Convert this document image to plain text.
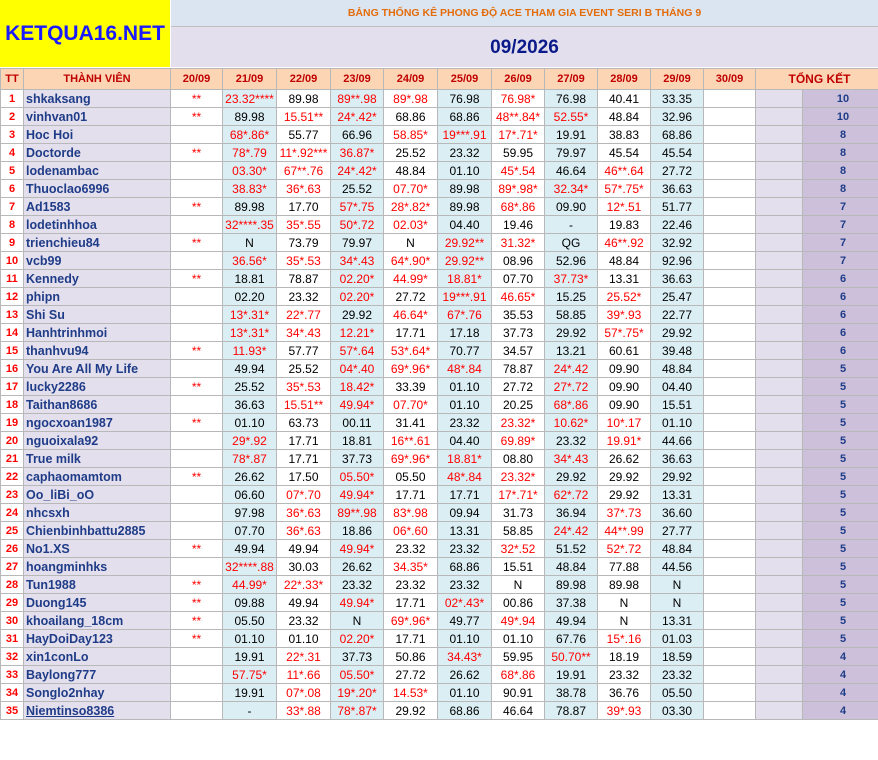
KETQUA16.NET
BẢNG THỐNG KÊ PHONG ĐỘ ACE THAM GIA EVENT SERI B THÁNG 9
09/2026
TT	THÀNH VIÊN	20/09	21/09	22/09	23/09	24/09	25/09	26/09	27/09	28/09	29/09	30/09	TỔNG KẾT	
1	shkaksang	**	23.32****	89.98	89**.98	89*.98	76.98	76.98*	76.98	40.41	33.35			10
2	vinhvan01	**	89.98	15.51**	24*.42*	68.86	68.86	48**.84*	52.55*	48.84	32.96			10
3	Hoc Hoi		68*.86*	55.77	66.96	58.85*	19***.91	17*.71*	19.91	38.83	68.86			8
4	Doctorde	**	78*.79	11*.92***	36.87*	25.52	23.32	59.95	79.97	45.54	45.54			8
5	lodenambac		03.30*	67**.76	24*.42*	48.84	01.10	45*.54	46.64	46**.64	27.72			8
6	Thuoclao6996		38.83*	36*.63	25.52	07.70*	89.98	89*.98*	32.34*	57*.75*	36.63			8
7	Ad1583	**	89.98	17.70	57*.75	28*.82*	89.98	68*.86	09.90	12*.51	51.77			7
8	lodetinhhoa		32****.35	35*.55	50*.72	02.03*	04.40	19.46	-	19.83	22.46			7
9	trienchieu84	**	N	73.79	79.97	N	29.92**	31.32*	QG	46**.92	32.92			7
10	vcb99		36.56*	35*.53	34*.43	64*.90*	29.92**	08.96	52.96	48.84	92.96			7
11	Kennedy	**	18.81	78.87	02.20*	44.99*	18.81*	07.70	37.73*	13.31	36.63			6
12	phipn		02.20	23.32	02.20*	27.72	19***.91	46.65*	15.25	25.52*	25.47			6
13	Shi Su		13*.31*	22*.77	29.92	46.64*	67*.76	35.53	58.85	39*.93	22.77			6
14	Hanhtrinhmoi		13*.31*	34*.43	12.21*	17.71	17.18	37.73	29.92	57*.75*	29.92			6
15	thanhvu94	**	11.93*	57.77	57*.64	53*.64*	70.77	34.57	13.21	60.61	39.48			6
16	You Are All My Life		49.94	25.52	04*.40	69*.96*	48*.84	78.87	24*.42	09.90	48.84			5
17	lucky2286	**	25.52	35*.53	18.42*	33.39	01.10	27.72	27*.72	09.90	04.40			5
18	Taithan8686		36.63	15.51**	49.94*	07.70*	01.10	20.25	68*.86	09.90	15.51			5
19	ngocxoan1987	**	01.10	63.73	00.11	31.41	23.32	23.32*	10.62*	10*.17	01.10			5
20	nguoixala92		29*.92	17.71	18.81	16**.61	04.40	69.89*	23.32	19.91*	44.66			5
21	True milk		78*.87	17.71	37.73	69*.96*	18.81*	08.80	34*.43	26.62	36.63			5
22	caphaomamtom	**	26.62	17.50	05.50*	05.50	48*.84	23.32*	29.92	29.92	29.92			5
23	Oo_liBi_oO		06.60	07*.70	49.94*	17.71	17.71	17*.71*	62*.72	29.92	13.31			5
24	nhcsxh		97.98	36*.63	89**.98	83*.98	09.94	31.73	36.94	37*.73	36.60			5
25	Chienbinhbattu2885		07.70	36*.63	18.86	06*.60	13.31	58.85	24*.42	44**.99	27.77			5
26	No1.XS	**	49.94	49.94	49.94*	23.32	23.32	32*.52	51.52	52*.72	48.84			5
27	hoangminhks		32****.88	30.03	26.62	34.35*	68.86	15.51	48.84	77.88	44.56			5
28	Tun1988	**	44.99*	22*.33*	23.32	23.32	23.32	N	89.98	89.98	N			5
29	Duong145	**	09.88	49.94	49.94*	17.71	02*.43*	00.86	37.38	N	N			5
30	khoailang_18cm	**	05.50	23.32	N	69*.96*	49.77	49*.94	49.94	N	13.31			5
31	HayDoiDay123	**	01.10	01.10	02.20*	17.71	01.10	01.10	67.76	15*.16	01.03			5
32	xin1conLo		19.91	22*.31	37.73	50.86	34.43*	59.95	50.70**	18.19	18.59			4
33	Baylong777		57.75*	11*.66	05.50*	27.72	26.62	68*.86	19.91	23.32	23.32			4
34	Songlo2nhay		19.91	07*.08	19*.20*	14.53*	01.10	90.91	38.78	36.76	05.50			4
35	Niemtinso8386		-	33*.88	78*.87*	29.92	68.86	46.64	78.87	39*.93	03.30			4
